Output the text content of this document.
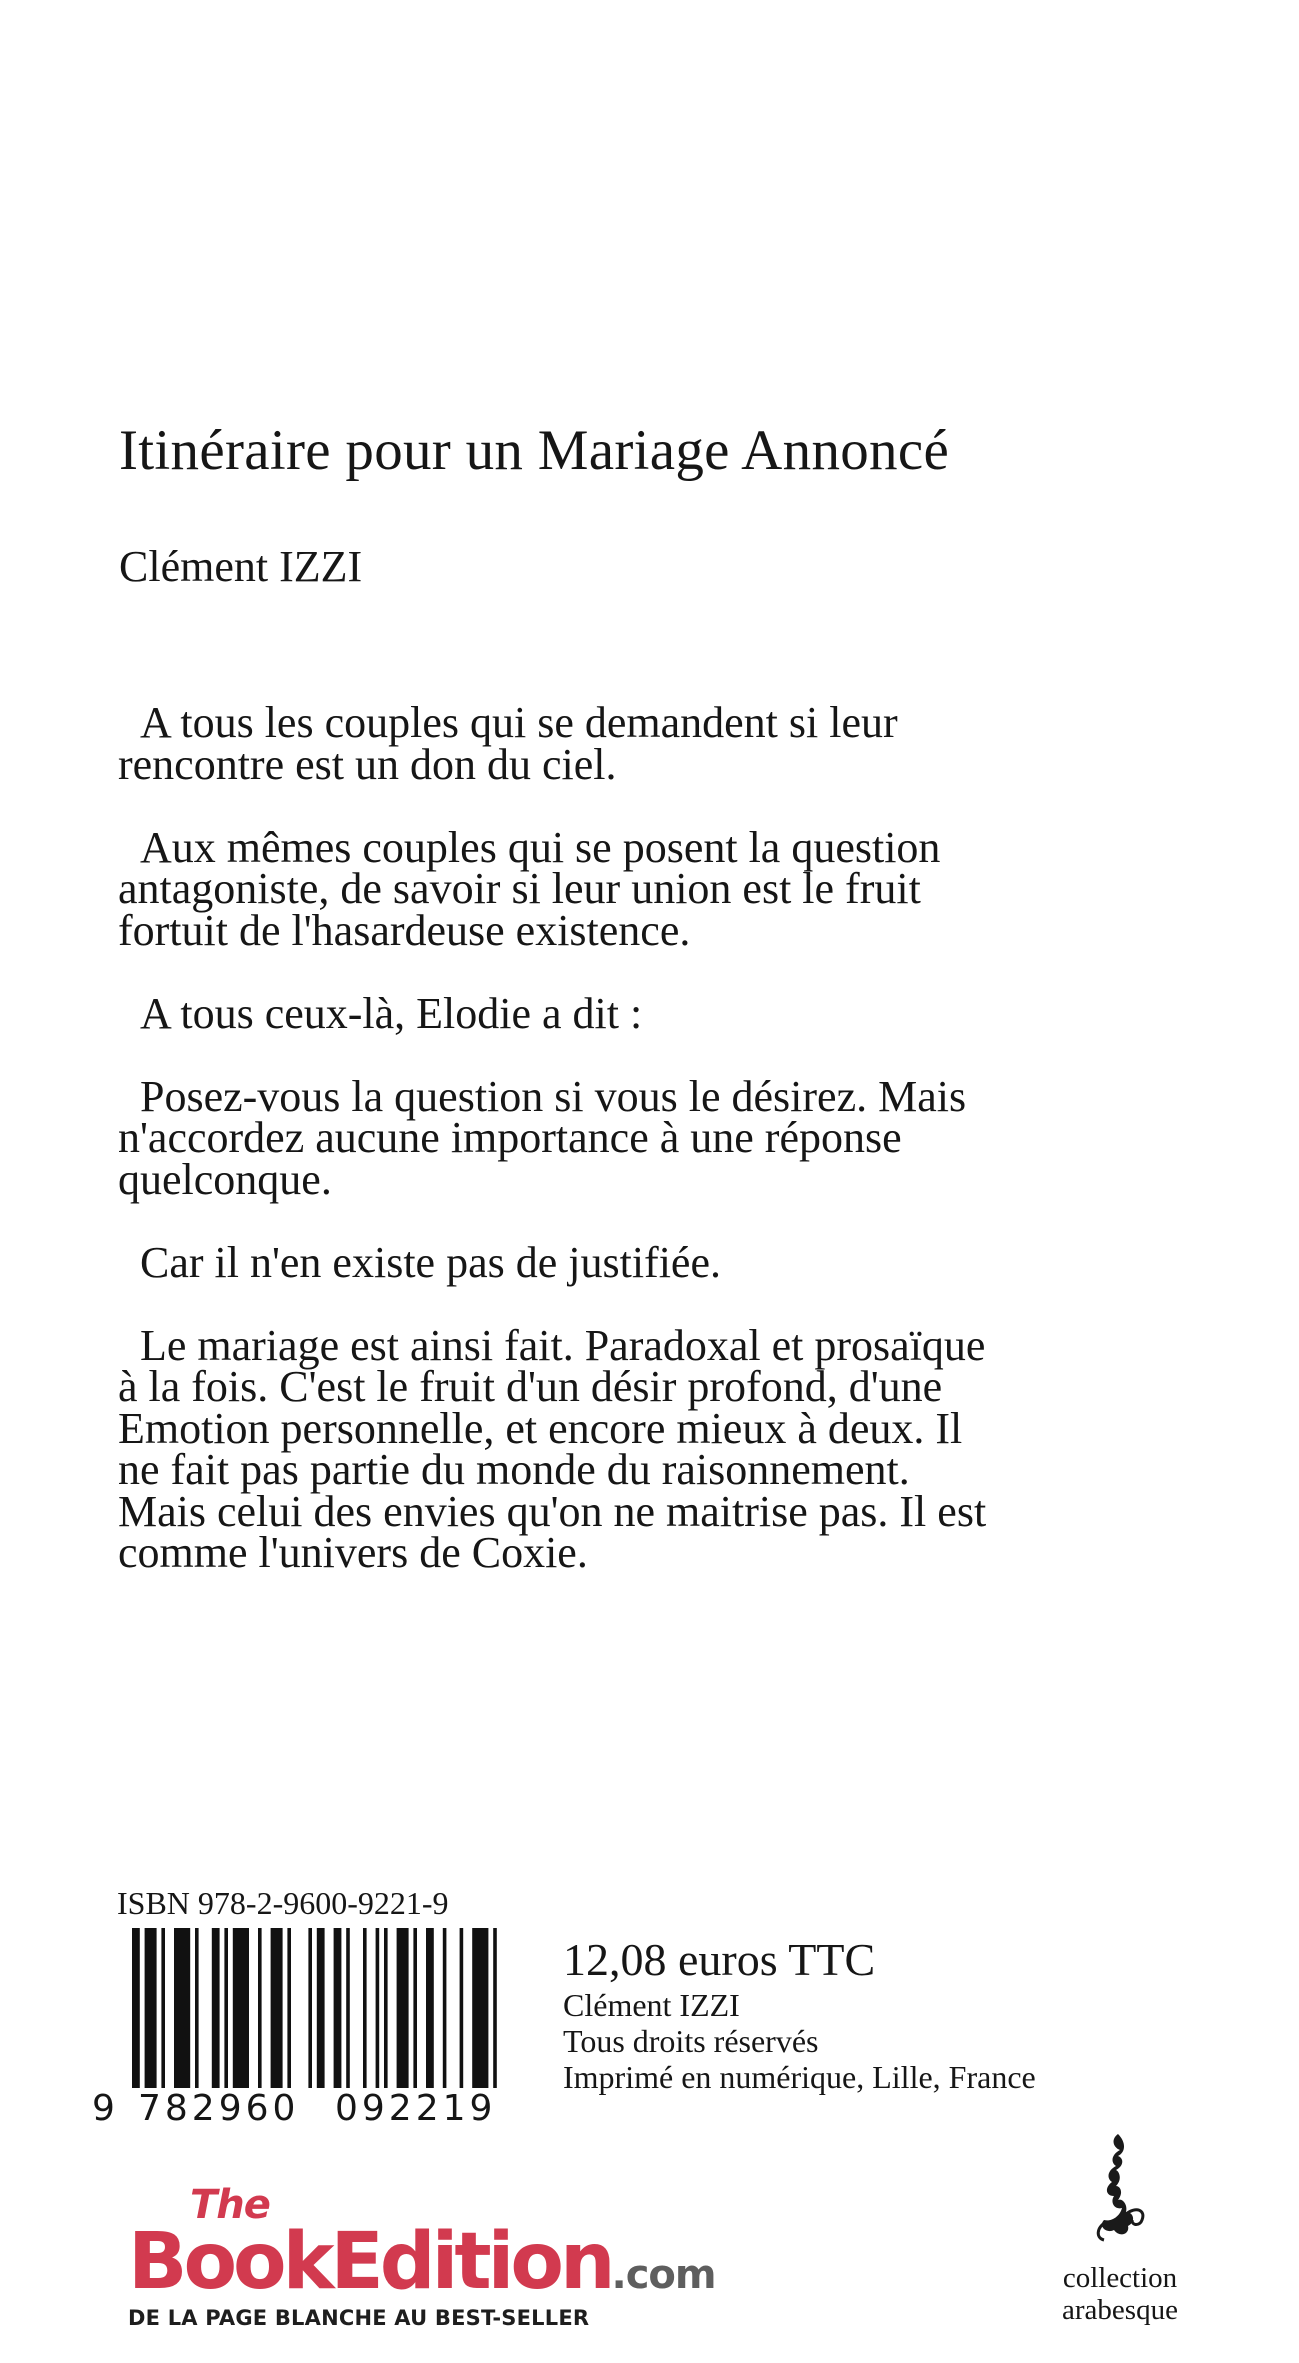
Itinéraire pour un Mariage Annoncé
Clément IZZI

A tous les couples qui se demandent si leur rencontre est un don du ciel.

Aux mêmes couples qui se posent la question antagoniste, de savoir si leur union est le fruit fortuit de l'hasardeuse existence.

A tous ceux-là, Elodie a dit :

Posez-vous la question si vous le désirez. Mais n'accordez aucune importance à une réponse quelconque.

Car il n'en existe pas de justifiée.

Le mariage est ainsi fait. Paradoxal et prosaïque à la fois. C'est le fruit d'un désir profond, d'une Emotion personnelle, et encore mieux à deux. Il ne fait pas partie du monde du raisonnement. Mais celui des envies qu'on ne maitrise pas. Il est comme l'univers de Coxie.

ISBN 978-2-9600-9221-9
9 782960 092219
12,08 euros TTC
Clément IZZI
Tous droits réservés
Imprimé en numérique, Lille, France
The
BookEdition.com
DE LA PAGE BLANCHE AU BEST-SELLER
collection
arabesque
